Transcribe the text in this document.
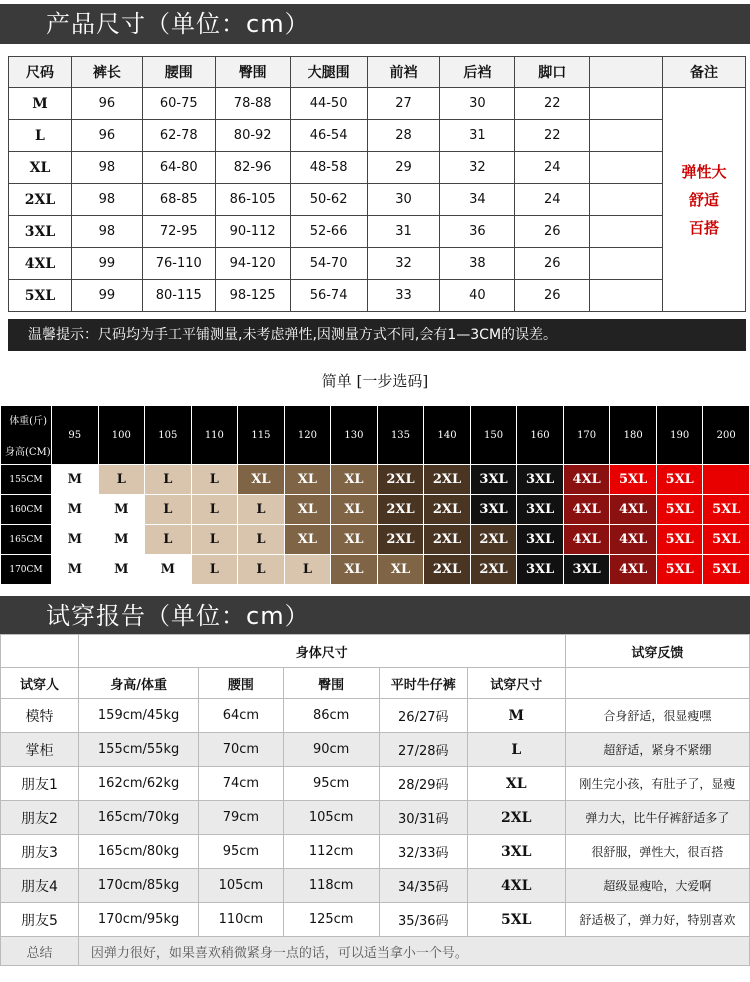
产品尺寸（单位：cm）
尺码	裤长	腰围	臀围	大腿围	前裆	后裆	脚口		备注
M	96	60-75	78-88	44-50	27	30	22		弹性大
舒适
百搭
L	96	62-78	80-92	46-54	28	31	22		
XL	98	64-80	82-96	48-58	29	32	24		
2XL	98	68-85	86-105	50-62	30	34	24		
3XL	98	72-95	90-112	52-66	31	36	26		
4XL	99	76-110	94-120	54-70	32	38	26		
5XL	99	80-115	98-125	56-74	33	40	26		
温馨提示：尺码均为手工平铺测量,未考虑弹性,因测量方式不同,会有1—3CM的误差。
简单 [一步选码]
体重(斤)
身高(CM)	95	100	105	110	115	120	130	135	140	150	160	170	180	190	200
155CM	M	L	L	L	XL	XL	XL	2XL	2XL	3XL	3XL	4XL	5XL	5XL	
160CM	M	M	L	L	L	XL	XL	2XL	2XL	3XL	3XL	4XL	4XL	5XL	5XL
165CM	M	M	L	L	L	XL	XL	2XL	2XL	2XL	3XL	4XL	4XL	5XL	5XL
170CM	M	M	M	L	L	L	XL	XL	2XL	2XL	3XL	3XL	4XL	5XL	5XL
试穿报告（单位：cm）
	身体尺寸					试穿反馈
试穿人	身高/体重	腰围	臀围	平时牛仔裤	试穿尺寸	
模特	159cm/45kg	64cm	86cm	26/27码	M	合身舒适，很显瘦嘿
掌柜	155cm/55kg	70cm	90cm	27/28码	L	超舒适，紧身不紧绷
朋友1	162cm/62kg	74cm	95cm	28/29码	XL	刚生完小孩，有肚子了，显瘦
朋友2	165cm/70kg	79cm	105cm	30/31码	2XL	弹力大，比牛仔裤舒适多了
朋友3	165cm/80kg	95cm	112cm	32/33码	3XL	很舒服，弹性大，很百搭
朋友4	170cm/85kg	105cm	118cm	34/35码	4XL	超级显瘦哈，大爱啊
朋友5	170cm/95kg	110cm	125cm	35/36码	5XL	舒适极了，弹力好，特别喜欢
总结	因弹力很好，如果喜欢稍微紧身一点的话，可以适当拿小一个号。					
